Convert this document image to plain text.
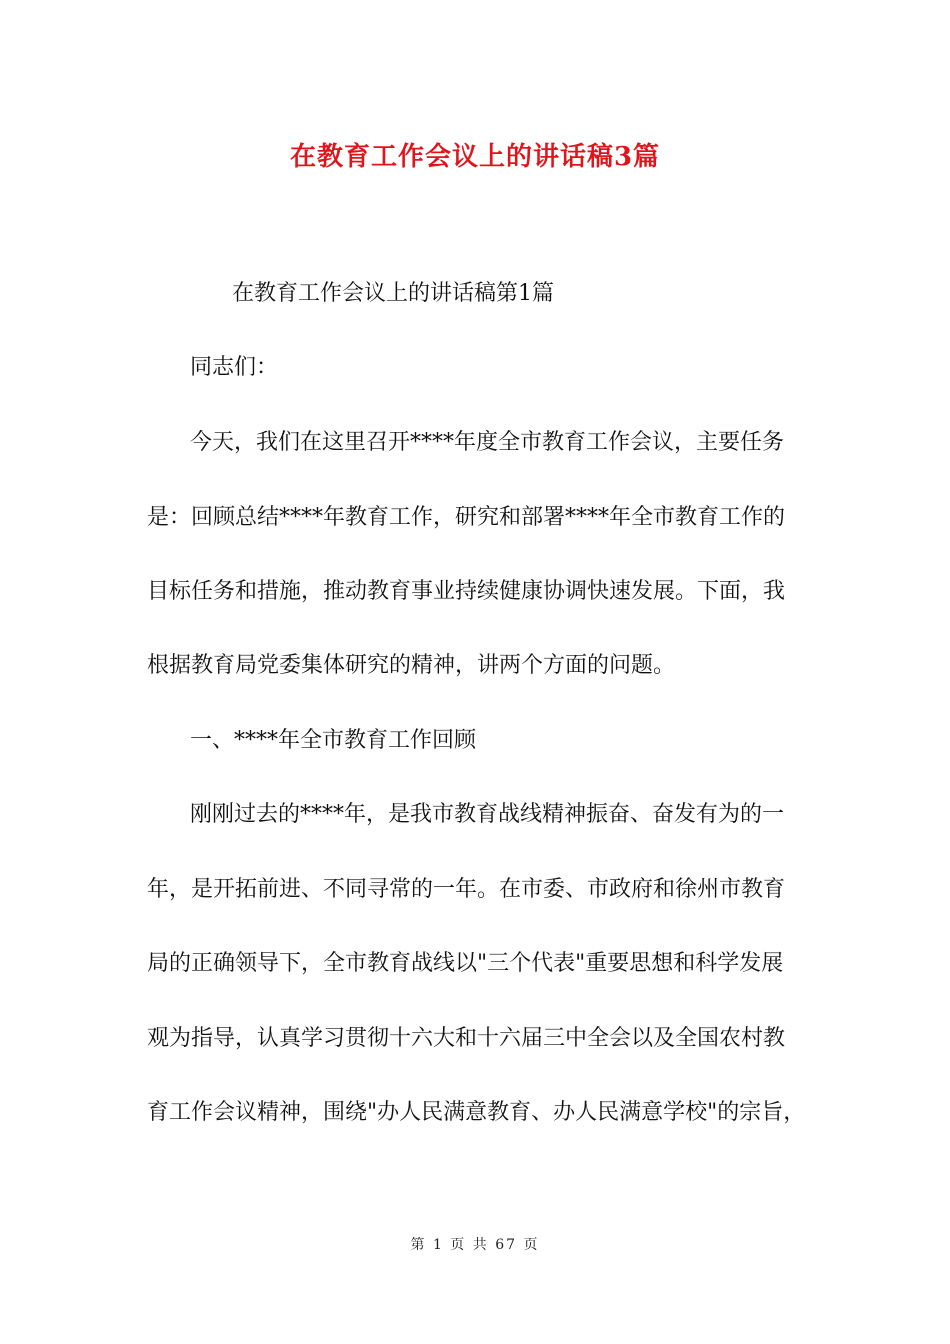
在教育工作会议上的讲话稿3篇
在教育工作会议上的讲话稿第1篇
同志们：
今天，我们在这里召开****年度全市教育工作会议，主要任务
是：回顾总结****年教育工作，研究和部署****年全市教育工作的
目标任务和措施，推动教育事业持续健康协调快速发展。下面，我
根据教育局党委集体研究的精神，讲两个方面的问题。
一、****年全市教育工作回顾
刚刚过去的****年，是我市教育战线精神振奋、奋发有为的一
年，是开拓前进、不同寻常的一年。在市委、市政府和徐州市教育
局的正确领导下，全市教育战线以"三个代表"重要思想和科学发展
观为指导，认真学习贯彻十六大和十六届三中全会以及全国农村教
育工作会议精神，围绕"办人民满意教育、办人民满意学校"的宗旨，
第 1 页 共 67 页
